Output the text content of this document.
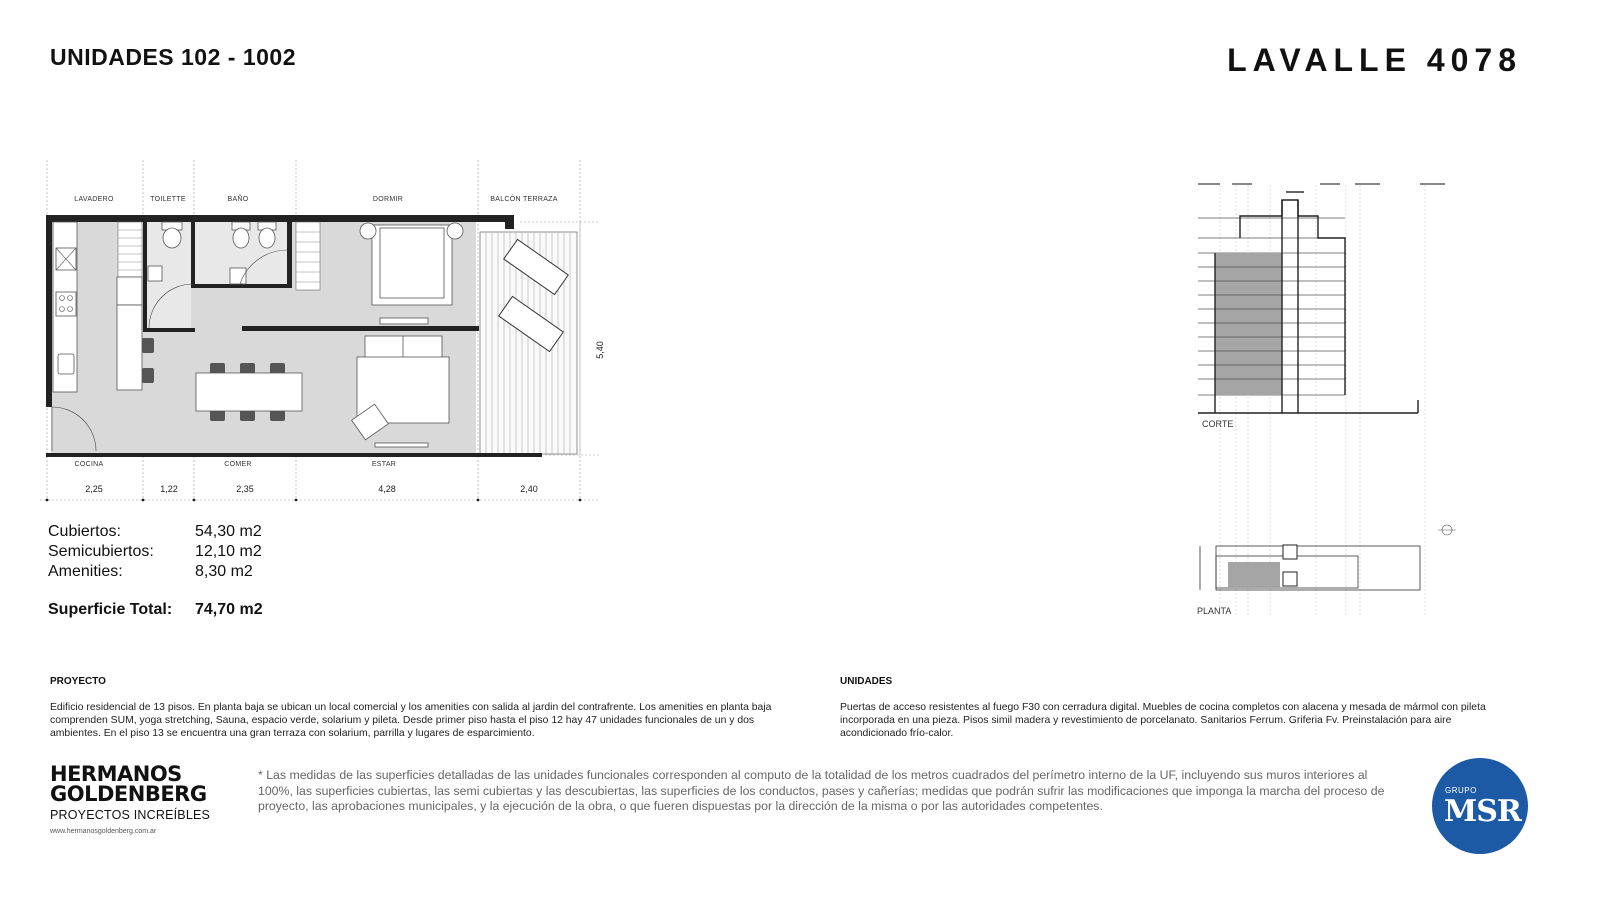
UNIDADES 102 - 1002	LAVALLE 4078
LAVADERO	TOILETTE	BAÑO	DORMIR	BALCÓN TERRAZA
COCINA	COMER	ESTAR
2,25	1,22	2,35	4,28	2,40
5,40
Cubiertos:	54,30 m2
Semicubiertos:	12,10 m2
Amenities:	8,30 m2
Superficie Total:	74,70 m2
CORTE
PLANTA
PROYECTO
Edificio residencial de 13 pisos. En planta baja se ubican un local comercial y los amenities con salida al jardin del contrafrente. Los amenities en planta baja comprenden SUM, yoga stretching, Sauna, espacio verde, solarium y pileta. Desde primer piso hasta el piso 12 hay 47 unidades funcionales de un y dos ambientes. En el piso 13 se encuentra una gran terraza con solarium, parrilla y lugares de esparcimiento.
UNIDADES
Puertas de acceso resistentes al fuego F30 con cerradura digital. Muebles de cocina completos con alacena y mesada de mármol con pileta incorporada en una pieza. Pisos simil madera y revestimiento de porcelanato. Sanitarios Ferrum. Griferia Fv. Preinstalación para aire acondicionado frío-calor.
HERMANOS
GOLDENBERG
PROYECTOS INCREÍBLES
www.hermanosgoldenberg.com.ar
* Las medidas de las superficies detalladas de las unidades funcionales corresponden al computo de la totalidad de los metros cuadrados del perímetro interno de la UF, incluyendo sus muros interiores al 100%, las superficies cubiertas, las semi cubiertas y las descubiertas, las superficies de los conductos, pases y cañerías; medidas que podrán sufrir las modificaciones que imponga la marcha del proceso de proyecto, las aprobaciones municipales, y la ejecución de la obra, o que fueren dispuestas por la dirección de la misma o por las autoridades competentes.
GRUPO
MSR
